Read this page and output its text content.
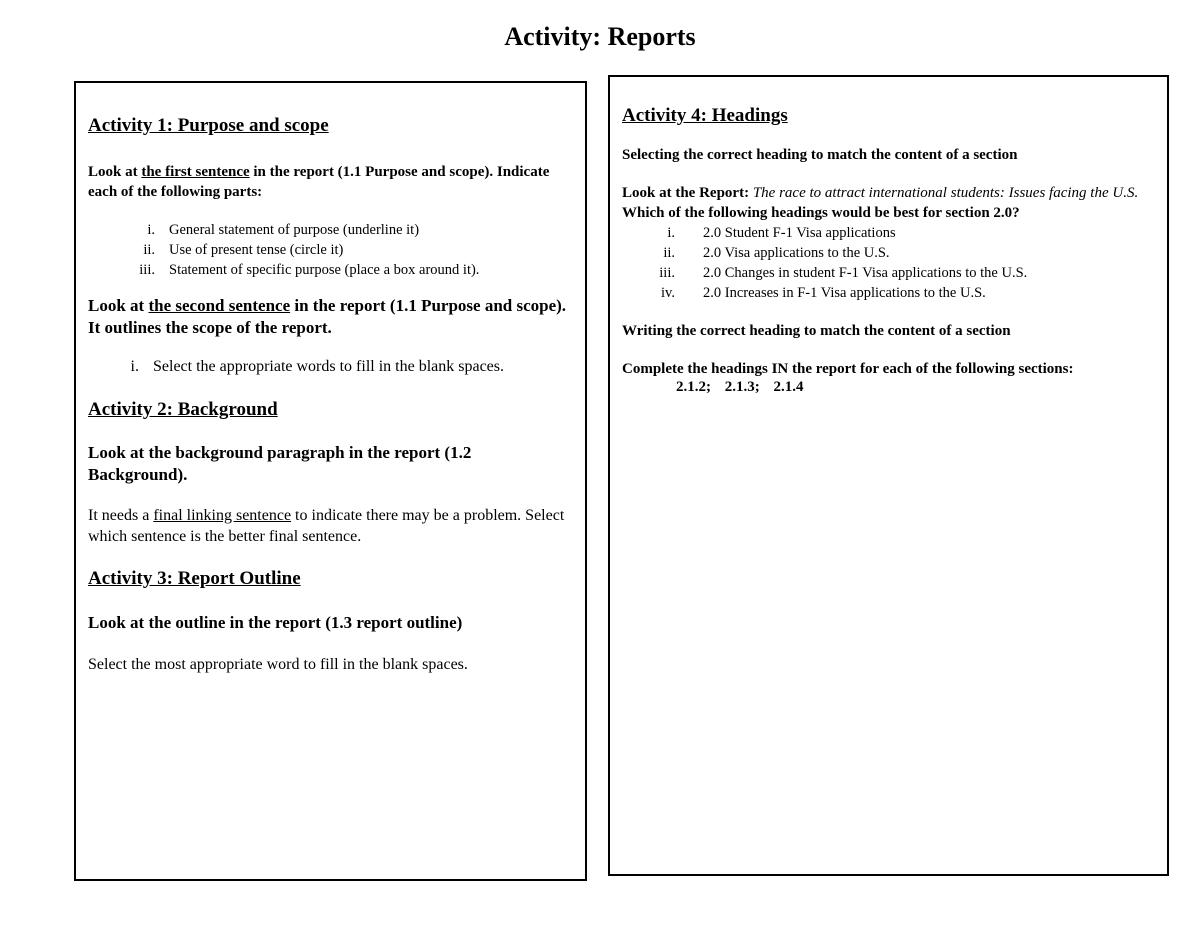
Activity: Reports

Activity 1: Purpose and scope

Look at the first sentence in the report (1.1 Purpose and scope). Indicate each of the following parts:

i. General statement of purpose (underline it)
ii. Use of present tense (circle it)
iii. Statement of specific purpose (place a box around it).

Look at the second sentence in the report (1.1 Purpose and scope). It outlines the scope of the report.

i. Select the appropriate words to fill in the blank spaces.

Activity 2: Background

Look at the background paragraph in the report (1.2 Background).

It needs a final linking sentence to indicate there may be a problem. Select which sentence is the better final sentence.

Activity 3: Report Outline

Look at the outline in the report (1.3 report outline)

Select the most appropriate word to fill in the blank spaces.

Activity 4: Headings

Selecting the correct heading to match the content of a section

Look at the Report: The race to attract international students: Issues facing the U.S. Which of the following headings would be best for section 2.0?

i.	2.0 Student F-1 Visa applications
ii.	2.0 Visa applications to the U.S.
iii.	2.0 Changes in student F-1 Visa applications to the U.S.
iv.	2.0 Increases in F-1 Visa applications to the U.S.

Writing the correct heading to match the content of a section

Complete the headings IN the report for each of the following sections:

2.1.2; 2.1.3; 2.1.4
